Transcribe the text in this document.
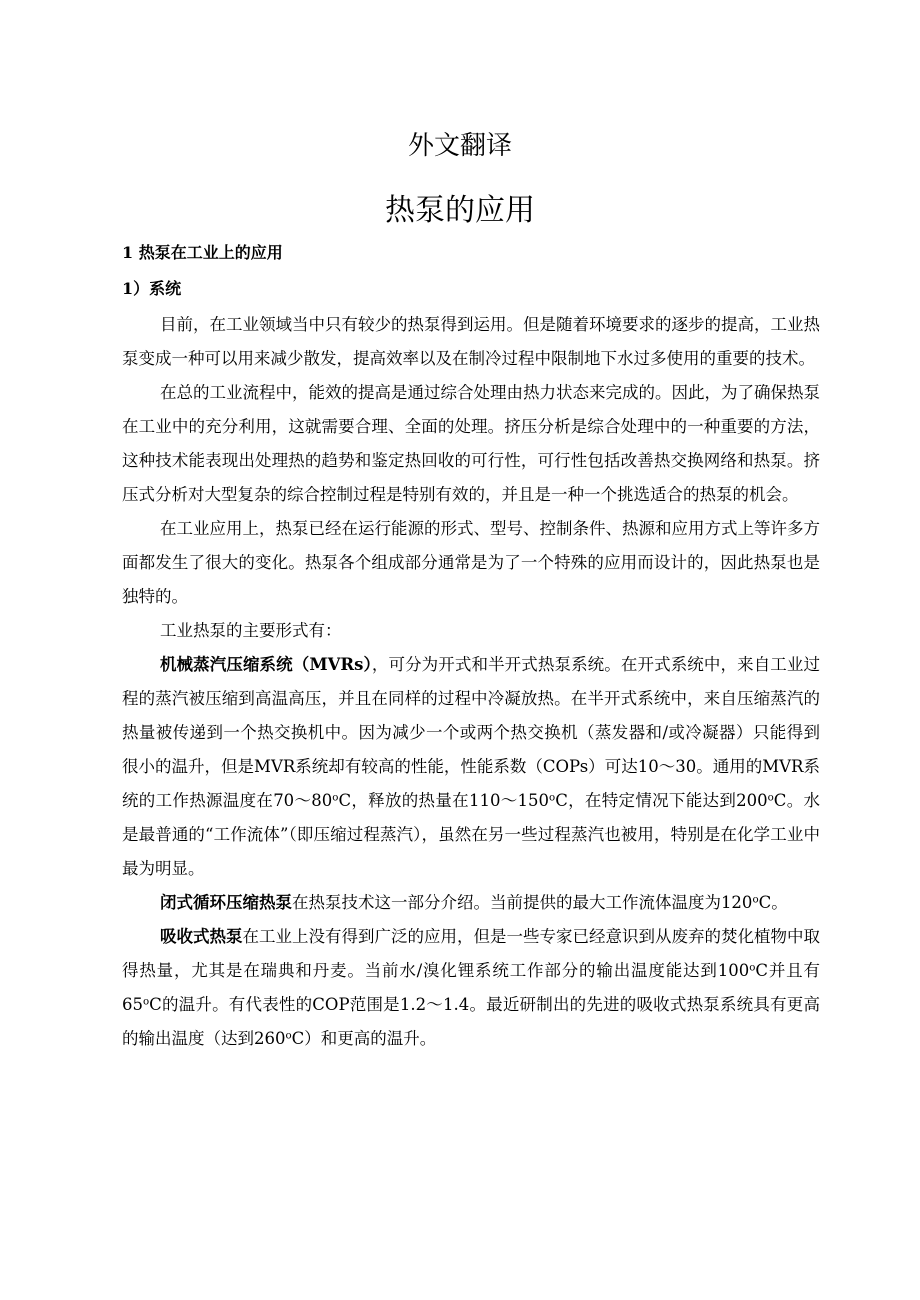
外文翻译
热泵的应用
1 热泵在工业上的应用
1）系统

目前，在工业领域当中只有较少的热泵得到运用。但是随着环境要求的逐步的提高，工业热泵变成一种可以用来减少散发，提高效率以及在制冷过程中限制地下水过多使用的重要的技术。

在总的工业流程中，能效的提高是通过综合处理由热力状态来完成的。因此，为了确保热泵在工业中的充分利用，这就需要合理、全面的处理。挤压分析是综合处理中的一种重要的方法，这种技术能表现出处理热的趋势和鉴定热回收的可行性，可行性包括改善热交换网络和热泵。挤压式分析对大型复杂的综合控制过程是特别有效的，并且是一种一个挑选适合的热泵的机会。

在工业应用上，热泵已经在运行能源的形式、型号、控制条件、热源和应用方式上等许多方面都发生了很大的变化。热泵各个组成部分通常是为了一个特殊的应用而设计的，因此热泵也是独特的。

工业热泵的主要形式有：

机械蒸汽压缩系统（MVRs），可分为开式和半开式热泵系统。在开式系统中，来自工业过程的蒸汽被压缩到高温高压，并且在同样的过程中冷凝放热。在半开式系统中，来自压缩蒸汽的热量被传递到一个热交换机中。因为减少一个或两个热交换机（蒸发器和/或冷凝器）只能得到很小的温升，但是MVR系统却有较高的性能，性能系数（COPs）可达10～30。通用的MVR系统的工作热源温度在70～80$^o$C，释放的热量在110～150$^o$C，在特定情况下能达到200$^o$C。水是最普通的“工作流体”（即压缩过程蒸汽），虽然在另一些过程蒸汽也被用，特别是在化学工业中最为明显。

闭式循环压缩热泵在热泵技术这一部分介绍。当前提供的最大工作流体温度为120$^o$C。

吸收式热泵在工业上没有得到广泛的应用，但是一些专家已经意识到从废弃的焚化植物中取得热量，尤其是在瑞典和丹麦。当前水/溴化锂系统工作部分的输出温度能达到100$^o$C并且有65$^o$C的温升。有代表性的COP范围是1.2～1.4。最近研制出的先进的吸收式热泵系统具有更高的输出温度（达到260$^o$C）和更高的温升。
